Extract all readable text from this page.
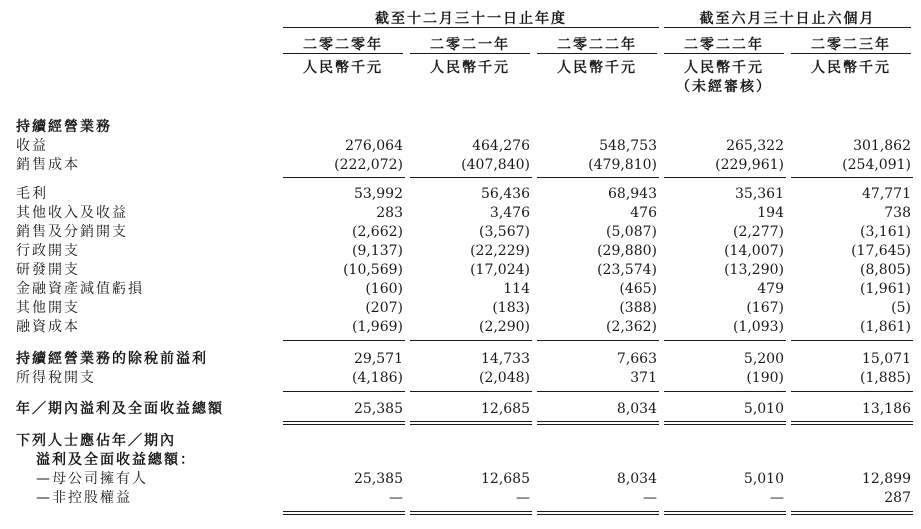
截至十二月三十一日止年度	截至六月三十日止六個月
二零二零年	二零二一年	二零二二年	二零二二年	二零二三年
人民幣千元	人民幣千元	人民幣千元	人民幣千元	人民幣千元
（未經審核）
持續經營業務
收益	276,064	464,276	548,753	265,322	301,862
銷售成本	(222,072)	(407,840)	(479,810)	(229,961)	(254,091)
毛利	53,992	56,436	68,943	35,361	47,771
其他收入及收益	283	3,476	476	194	738
銷售及分銷開支	(2,662)	(3,567)	(5,087)	(2,277)	(3,161)
行政開支	(9,137)	(22,229)	(29,880)	(14,007)	(17,645)
研發開支	(10,569)	(17,024)	(23,574)	(13,290)	(8,805)
金融資產減值虧損	(160)	114	(465)	479	(1,961)
其他開支	(207)	(183)	(388)	(167)	(5)
融資成本	(1,969)	(2,290)	(2,362)	(1,093)	(1,861)
持續經營業務的除稅前溢利	29,571	14,733	7,663	5,200	15,071
所得稅開支	(4,186)	(2,048)	371	(190)	(1,885)
年／期內溢利及全面收益總額	25,385	12,685	8,034	5,010	13,186
下列人士應佔年／期內
溢利及全面收益總額：
—母公司擁有人	25,385	12,685	8,034	5,010	12,899
—非控股權益	—	—	—	—	287
